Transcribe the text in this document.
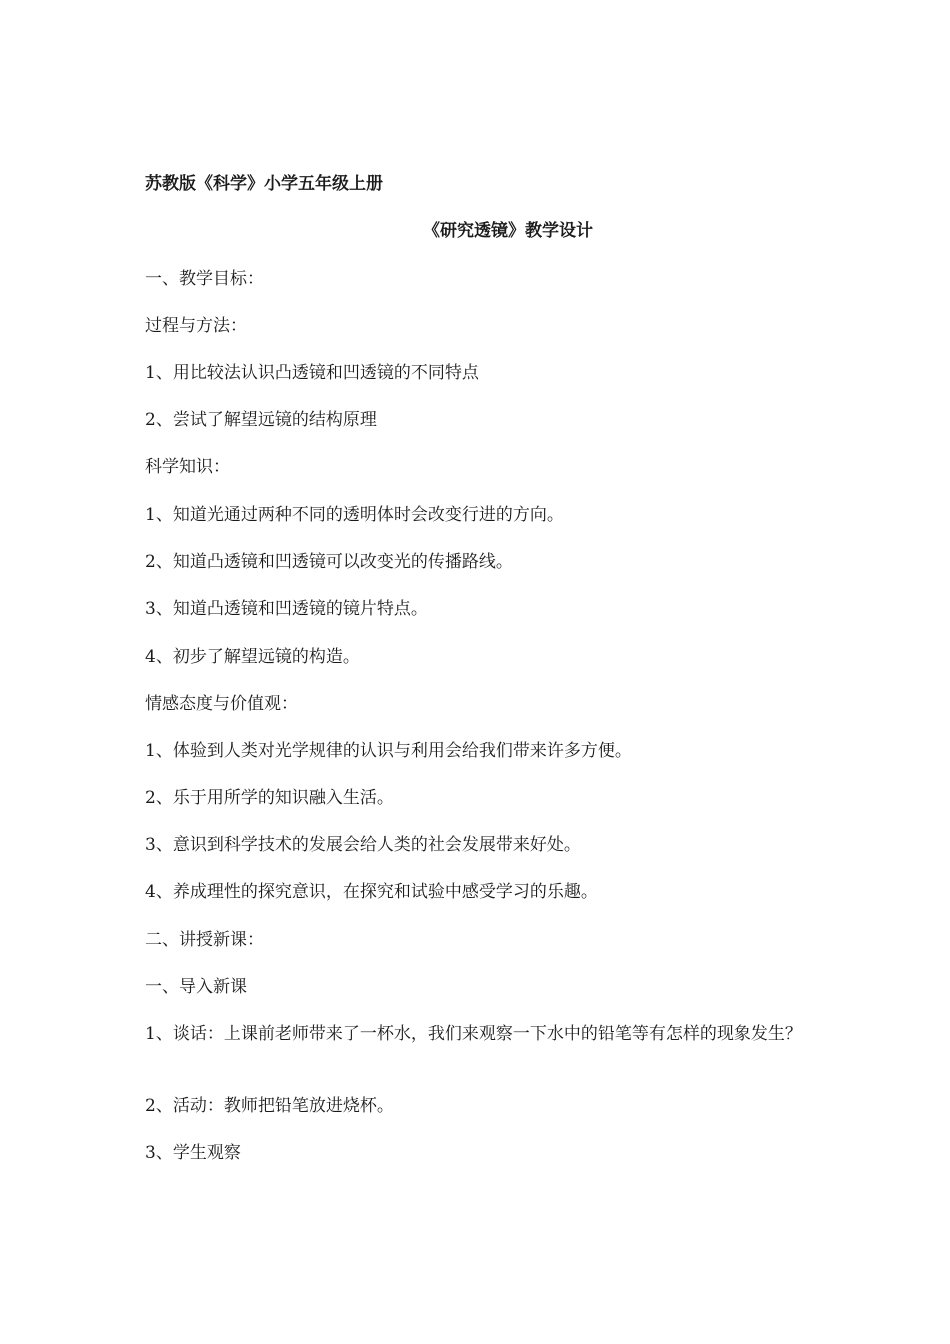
苏教版《科学》小学五年级上册
《研究透镜》教学设计
一、教学目标：
过程与方法：
1、用比较法认识凸透镜和凹透镜的不同特点
2、尝试了解望远镜的结构原理
科学知识：
1、知道光通过两种不同的透明体时会改变行进的方向。
2、知道凸透镜和凹透镜可以改变光的传播路线。
3、知道凸透镜和凹透镜的镜片特点。
4、初步了解望远镜的构造。
情感态度与价值观：
1、体验到人类对光学规律的认识与利用会给我们带来许多方便。
2、乐于用所学的知识融入生活。
3、意识到科学技术的发展会给人类的社会发展带来好处。
4、养成理性的探究意识，在探究和试验中感受学习的乐趣。
二、讲授新课：
一、导入新课
1、谈话：上课前老师带来了一杯水，我们来观察一下水中的铅笔等有怎样的现象发生？
2、活动：教师把铅笔放进烧杯。
3、学生观察
